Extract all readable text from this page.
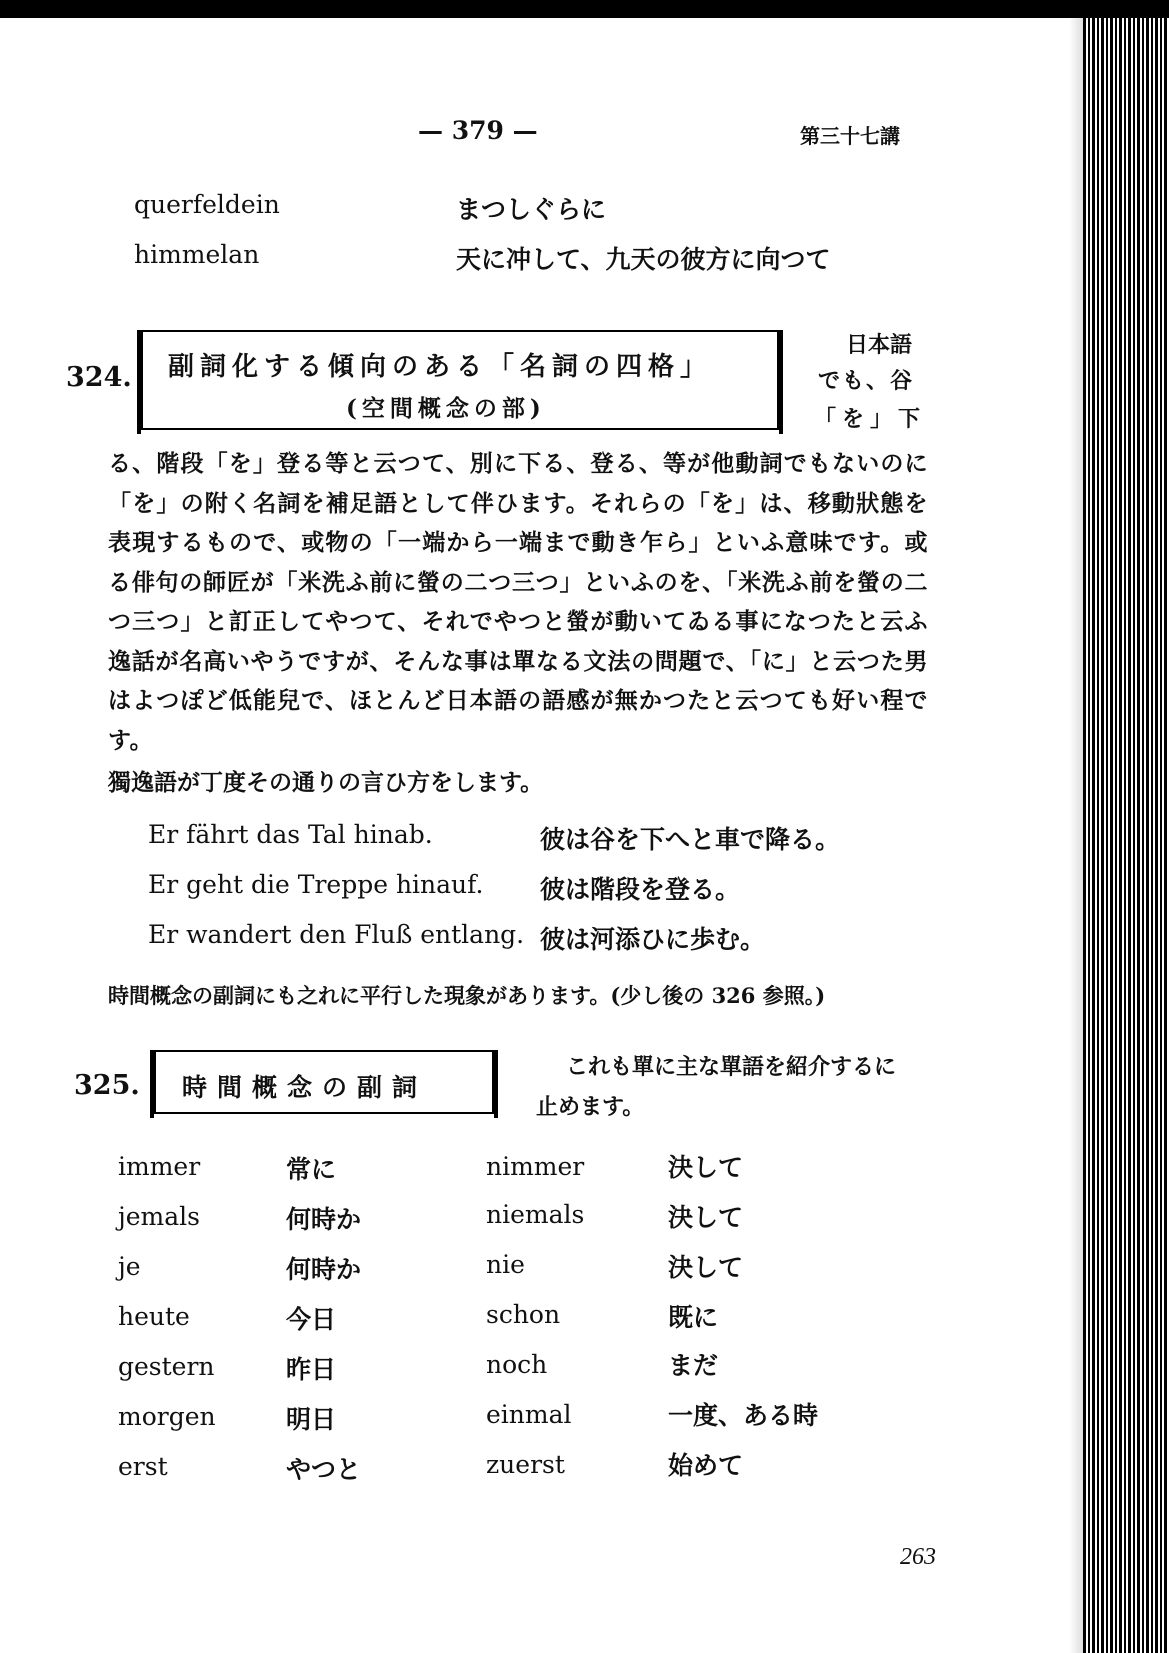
— 379 —	第三十七講
querfeldein	まつしぐらに
himmelan	天に冲して、九天の彼方に向つて
324. 副詞化する傾向のある「名詞の四格」
(空間概念の部)
日本語
でも、谷
「を」下
る、階段「を」登る等と云つて、別に下る、登る、等が他動詞でもないのに「を」の附く名詞を補足語として伴ひます。それらの「を」は、移動狀態を表現するもので、或物の「一端から一端まで動き乍ら」といふ意味です。或る俳句の師匠が「米洗ふ前に螢の二つ三つ」といふのを、「米洗ふ前を螢の二つ三つ」と訂正してやつて、それでやつと螢が動いてゐる事になつたと云ふ逸話が名高いやうですが、そんな事は單なる文法の問題で、「に」と云つた男はよつぽど低能兒で、ほとんど日本語の語感が無かつたと云つても好い程です。
獨逸語が丁度その通りの言ひ方をします。
Er fährt das Tal hinab.	彼は谷を下へと車で降る。
Er geht die Treppe hinauf. 彼は階段を登る。
Er wandert den Fluß entlang. 彼は河添ひに歩む。
時間概念の副詞にも之れに平行した現象があります。(少し後の 326 参照。)
325. 時間概念の副詞
これも單に主な單語を紹介するに
止めます。
immer	常に	nimmer	決して
jemals	何時か	niemals	決して
je	何時か	nie	決して
heute	今日	schon	既に
gestern	昨日	noch	まだ
morgen	明日	einmal	一度、ある時
erst	やつと	zuerst	始めて
263
